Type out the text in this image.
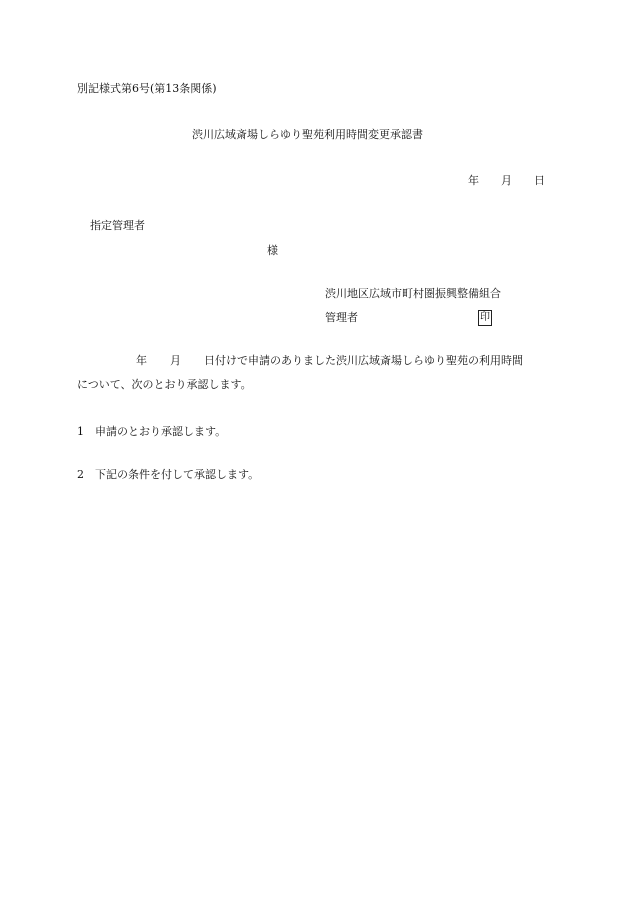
別記様式第6号(第13条関係)
渋川広域斎場しらゆり聖苑利用時間変更承認書
年 月 日
指定管理者
様
渋川地区広域市町村圏振興整備組合
管理者	印
年 月 日付けで申請のありました渋川広域斎場しらゆり聖苑の利用時間
について、次のとおり承認します。
1 申請のとおり承認します。
2 下記の条件を付して承認します。
